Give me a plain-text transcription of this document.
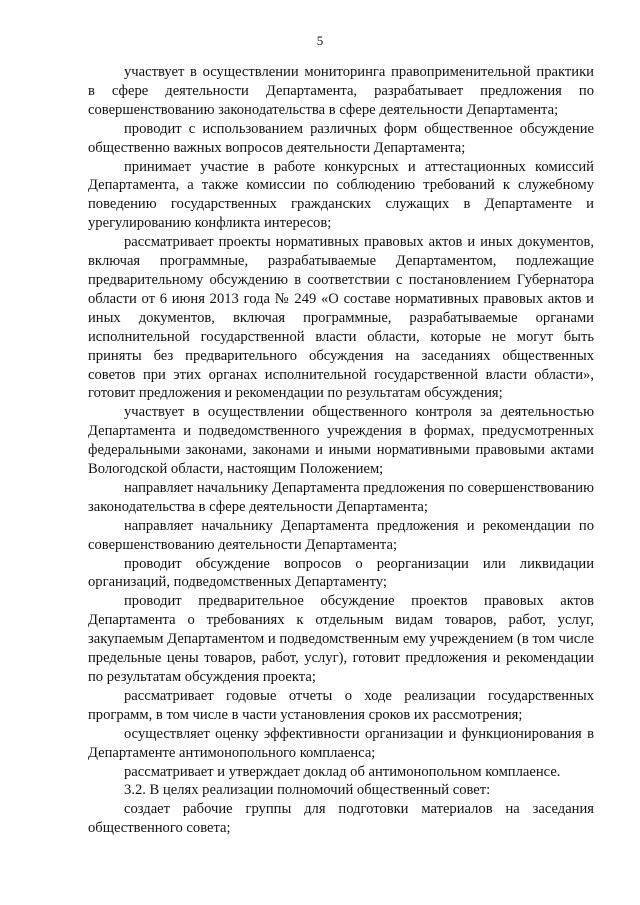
5

участвует в осуществлении мониторинга правоприменительной практики в сфере деятельности Департамента, разрабатывает предложения по совершенствованию законодательства в сфере деятельности Департамента;

проводит с использованием различных форм общественное обсуждение общественно важных вопросов деятельности Департамента;

принимает участие в работе конкурсных и аттестационных комиссий Департамента, а также комиссии по соблюдению требований к служебному поведению государственных гражданских служащих в Департаменте и урегулированию конфликта интересов;

рассматривает проекты нормативных правовых актов и иных документов, включая программные, разрабатываемые Департаментом, подлежащие предварительному обсуждению в соответствии с постановлением Губернатора области от 6 июня 2013 года № 249 «О составе нормативных правовых актов и иных документов, включая программные, разрабатываемые органами исполнительной государственной власти области, которые не могут быть приняты без предварительного обсуждения на заседаниях общественных советов при этих органах исполнительной государственной власти области», готовит предложения и рекомендации по результатам обсуждения;

участвует в осуществлении общественного контроля за деятельностью Департамента и подведомственного учреждения в формах, предусмотренных федеральными законами, законами и иными нормативными правовыми актами Вологодской области, настоящим Положением;

направляет начальнику Департамента предложения по совершенствованию законодательства в сфере деятельности Департамента;

направляет начальнику Департамента предложения и рекомендации по совершенствованию деятельности Департамента;

проводит обсуждение вопросов о реорганизации или ликвидации организаций, подведомственных Департаменту;

проводит предварительное обсуждение проектов правовых актов Департамента о требованиях к отдельным видам товаров, работ, услуг, закупаемым Департаментом и подведомственным ему учреждением (в том числе предельные цены товаров, работ, услуг), готовит предложения и рекомендации по результатам обсуждения проекта;

рассматривает годовые отчеты о ходе реализации государственных программ, в том числе в части установления сроков их рассмотрения;

осуществляет оценку эффективности организации и функционирования в Департаменте антимонопольного комплаенса;

рассматривает и утверждает доклад об антимонопольном комплаенсе.

3.2. В целях реализации полномочий общественный совет:

создает рабочие группы для подготовки материалов на заседания общественного совета;
